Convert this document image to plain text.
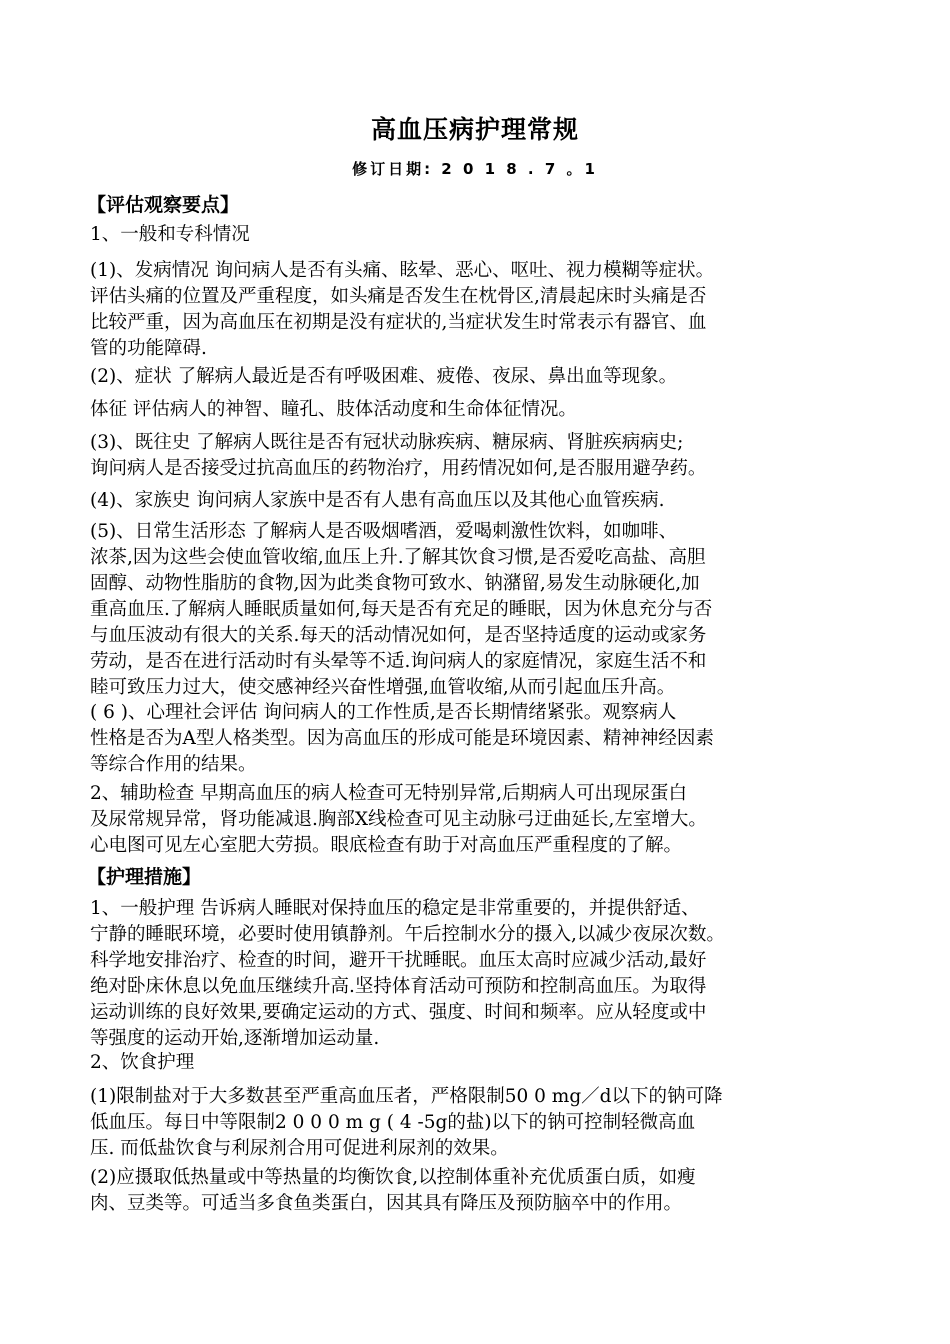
高血压病护理常规
修订日期: 2 0 1 8 . 7 。1
【评估观察要点】
1、一般和专科情况
(1)、发病情况 询问病人是否有头痛、眩晕、恶心、呕吐、视力模糊等症状。
评估头痛的位置及严重程度，如头痛是否发生在枕骨区,清晨起床时头痛是否
比较严重，因为高血压在初期是没有症状的,当症状发生时常表示有器官、血
管的功能障碍.
(2)、症状 了解病人最近是否有呼吸困难、疲倦、夜尿、鼻出血等现象。
体征 评估病人的神智、瞳孔、肢体活动度和生命体征情况。
(3)、既往史 了解病人既往是否有冠状动脉疾病、糖尿病、肾脏疾病病史;
询问病人是否接受过抗高血压的药物治疗，用药情况如何,是否服用避孕药。
(4)、家族史 询问病人家族中是否有人患有高血压以及其他心血管疾病.
(5)、日常生活形态 了解病人是否吸烟嗜酒，爱喝刺激性饮料，如咖啡、
浓茶,因为这些会使血管收缩,血压上升.了解其饮食习惯,是否爱吃高盐、高胆
固醇、动物性脂肪的食物,因为此类食物可致水、钠潴留,易发生动脉硬化,加
重高血压.了解病人睡眠质量如何,每天是否有充足的睡眠，因为休息充分与否
与血压波动有很大的关系.每天的活动情况如何，是否坚持适度的运动或家务
劳动，是否在进行活动时有头晕等不适.询问病人的家庭情况，家庭生活不和
睦可致压力过大，使交感神经兴奋性增强,血管收缩,从而引起血压升高。
( 6 )、心理社会评估 询问病人的工作性质,是否长期情绪紧张。观察病人
性格是否为A型人格类型。因为高血压的形成可能是环境因素、精神神经因素
等综合作用的结果。
2、辅助检查 早期高血压的病人检查可无特别异常,后期病人可出现尿蛋白
及尿常规异常，肾功能减退.胸部X线检查可见主动脉弓迂曲延长,左室增大。
心电图可见左心室肥大劳损。眼底检查有助于对高血压严重程度的了解。
【护理措施】
1、一般护理 告诉病人睡眠对保持血压的稳定是非常重要的，并提供舒适、
宁静的睡眠环境，必要时使用镇静剂。午后控制水分的摄入,以减少夜尿次数。
科学地安排治疗、检查的时间，避开干扰睡眠。血压太高时应减少活动,最好
绝对卧床休息以免血压继续升高.坚持体育活动可预防和控制高血压。为取得
运动训练的良好效果,要确定运动的方式、强度、时间和频率。应从轻度或中
等强度的运动开始,逐渐增加运动量.
2、饮食护理
(1)限制盐对于大多数甚至严重高血压者，严格限制50 0 mg／d以下的钠可降
低血压。每日中等限制2 0 0 0 m g ( 4 -5g的盐)以下的钠可控制轻微高血
压. 而低盐饮食与利尿剂合用可促进利尿剂的效果。
(2)应摄取低热量或中等热量的均衡饮食,以控制体重补充优质蛋白质，如瘦
肉、豆类等。可适当多食鱼类蛋白，因其具有降压及预防脑卒中的作用。
